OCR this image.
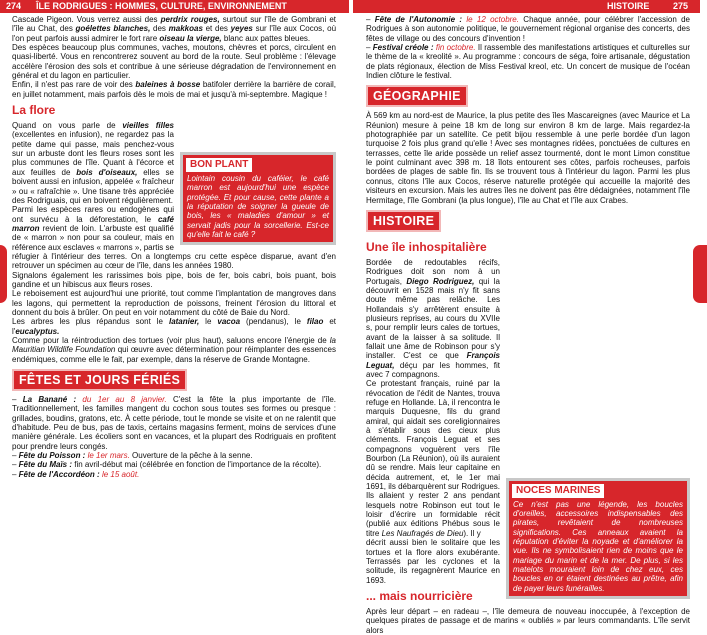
274 ÎLE RODRIGUES : HOMMES, CULTURE, ENVIRONNEMENT	HISTOIRE	275

Cascade Pigeon. Vous verrez aussi des perdrix rouges, surtout sur l'île de Gombrani et l'île au Chat, des goélettes blanches, des makkoas et des yeyes sur l'île aux Cocos, où l'on peut parfois aussi admirer le fort rare oiseau la vierge, blanc aux pattes bleues.

Des espèces beaucoup plus communes, vaches, moutons, chèvres et porcs, circulent en quasi-liberté. Vous en rencontrerez souvent au bord de la route. Seul problème : l'élevage accélère l'érosion des sols et contribue à une sérieuse dégradation de l'environnement en général et du lagon en particulier.

Enfin, il n'est pas rare de voir des baleines à bosse batifoler derrière la barrière de corail, en juillet notamment, mais parfois dès le mois de mai et jusqu'à mi-septembre. Magique !

La flore
BON PLANT
Lointain cousin du caféier, le café marron est aujourd'hui une espèce protégée. Et pour cause, cette plante a la réputation de soigner la gueule de bois, les « maladies d'amour » et servait jadis pour la sorcellerie. Est-ce qu'elle fait le café ?

Quand on vous parle de vieilles filles (excellentes en infusion), ne regardez pas la petite dame qui passe, mais penchez-vous sur un arbuste dont les fleurs roses sont les plus communes de l'île. Quant à l'écorce et aux feuilles de bois d'oiseaux, elles se boivent aussi en infusion, appelée « fraîcheur » ou « rafraîchie ». Une tisane très appréciée des Rodriguais, qui en boivent régulièrement.

Parmi les espèces rares ou endogènes qui ont survécu à la déforestation, le café marron revient de loin. L'arbuste est qualifié de « marron » non pour sa couleur, mais en référence aux esclaves « marrons », partis se réfugier à l'intérieur des terres. On a longtemps cru cette espèce disparue, avant d'en retrouver un spécimen au cœur de l'île, dans les années 1980.

Signalons également les rarissimes bois pipe, bois de fer, bois cabri, bois puant, bois gandine et un hibiscus aux fleurs roses.

Le reboisement est aujourd'hui une priorité, tout comme l'implantation de mangroves dans les lagons, qui permettent la reproduction de poissons, freinent l'érosion du littoral et donnent du bois à brûler. On peut en voir notamment du côté de Baie du Nord.

Les arbres les plus répandus sont le latanier, le vacoa (pendanus), le filao et l'eucalyptus.

Comme pour la réintroduction des tortues (voir plus haut), saluons encore l'énergie de la Mauritian Wildlife Foundation qui œuvre avec détermination pour réimplanter des essences endémiques, comme elle le fait, par exemple, dans la réserve de Grande Montagne.

FÊTES ET JOURS FÉRIÉS

– La Banané : du 1er au 8 janvier. C'est la fête la plus importante de l'île. Traditionnellement, les familles mangent du cochon sous toutes ses formes ou presque : grillades, boudins, gratons, etc. À cette période, tout le monde se visite et on ne ralentit que d'habitude. Peu de bus, pas de taxis, certains magasins ferment, moins de services d'une manière générale. Les écoliers sont en vacances, et la plupart des Rodriguais en profitent pour prendre leurs congés.

– Fête du Poisson : le 1er mars. Ouverture de la pêche à la senne.

– Fête du Maïs : fin avril-début mai (célébrée en fonction de l'importance de la récolte).

– Fête de l'Accordéon : le 15 août.

– Fête de l'Autonomie : le 12 octobre. Chaque année, pour célébrer l'accession de Rodrigues à son autonomie politique, le gouvernement régional organise des concerts, des fêtes de village ou des concours d'invention !

– Festival créole : fin octobre. Il rassemble des manifestations artistiques et culturelles sur le thème de la « kreolité ». Au programme : concours de séga, foire artisanale, dégustation de plats régionaux, élection de Miss Festival kreol, etc. Un concert de musique de l'océan Indien clôture le festival.

GÉOGRAPHIE

À 569 km au nord-est de Maurice, la plus petite des îles Mascareignes (avec Maurice et La Réunion) mesure à peine 18 km de long sur environ 8 km de large. Mais regardez-la photographiée par un satellite. Ce petit bijou ressemble à une perle bordée d'un lagon turquoise 2 fois plus grand qu'elle ! Avec ses montagnes ridées, ponctuées de cultures en terrasses, cette île aride possède un relief assez tourmenté, dont le mont Limon constitue le point culminant avec 398 m. 18 îlots entourent ses côtes, parfois rocheuses, parfois bordées de plages de sable fin. Ils se trouvent tous à l'intérieur du lagon. Parmi les plus connus, citons l'île aux Cocos, réserve naturelle protégée qui accueille la majorité des visiteurs en excursion. Mais les autres îles ne doivent pas être dédaignées, notamment l'île Hermitage, l'île Gombrani (la plus longue), l'île au Chat et l'île aux Crabes.

HISTOIRE
Une île inhospitalière
NOCES MARINES
Ce n'est pas une légende, les boucles d'oreilles, accessoires indispensables des pirates, revêtaient de nombreuses significations. Ces anneaux avaient la réputation d'éviter la noyade et d'améliorer la vue. Ils ne symbolisaient rien de moins que le mariage du marin et de la mer. De plus, si les matelots mouraient loin de chez eux, ces boucles en or étaient destinées au prêtre, afin de payer leurs funérailles.

Bordée de redoutables récifs, Rodrigues doit son nom à un Portugais, Diego Rodriguez, qui la découvrit en 1528 mais n'y fit sans doute même pas relâche. Les Hollandais s'y arrêtèrent ensuite à plusieurs reprises, au cours du XVIIe s, pour remplir leurs cales de tortues, avant de la laisser à sa solitude. Il fallait une âme de Robinson pour s'y installer. C'est ce que François Leguat, déçu par les hommes, fit avec 7 compagnons.

Ce protestant français, ruiné par la révocation de l'édit de Nantes, trouva refuge en Hollande. Là, il rencontra le marquis Duquesne, fils du grand amiral, qui aidait ses coreligionnaires à s'établir sous des cieux plus cléments. François Leguat et ses compagnons voguèrent vers l'île Bourbon (La Réunion), où ils auraient dû se rendre. Mais leur capitaine en décida autrement, et, le 1er mai 1691, ils débarquèrent sur Rodrigues. Ils allaient y rester 2 ans pendant lesquels notre Robinson eut tout le loisir d'écrire un formidable récit (publié aux éditions Phébus sous le titre Les Naufragés de Dieu). Il y

décrit aussi bien le solitaire que les tortues et la flore alors exubérante. Terrassés par les cyclones et la solitude, ils regagnèrent Maurice en 1693.

... mais nourricière

Après leur départ – en radeau –, l'île demeura de nouveau inoccupée, à l'exception de quelques pirates de passage et de marins « oubliés » par leurs commandants. L'île servit alors
